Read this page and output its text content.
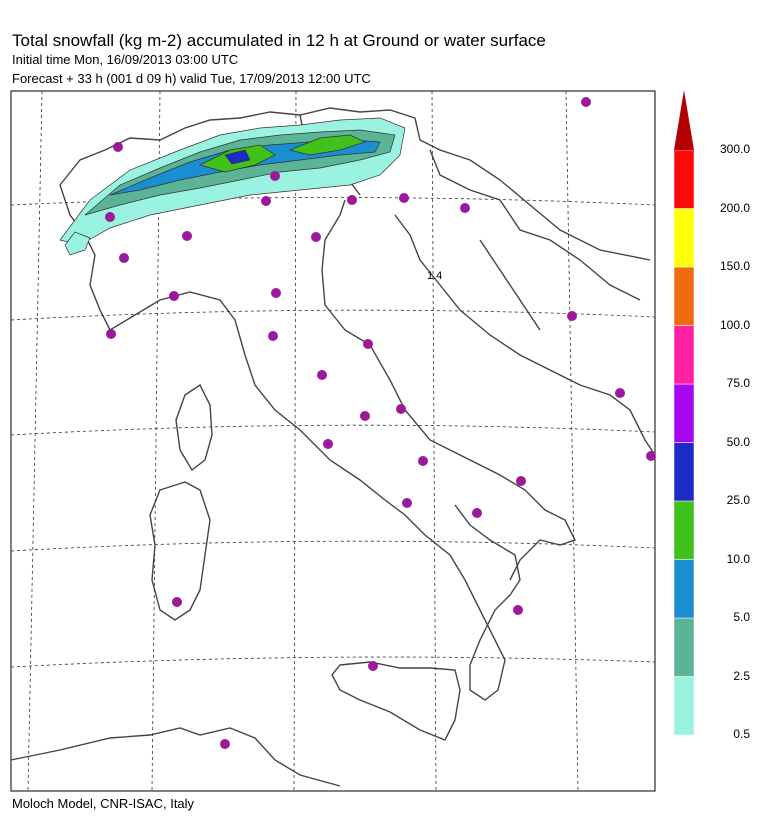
Total snowfall (kg m-2) accumulated in 12 h at Ground or water surface
Initial time Mon, 16/09/2013 03:00 UTC
Forecast + 33 h (001 d 09 h) valid Tue, 17/09/2013 12:00 UTC
1.4
0.5
2.5
5.0
10.0
25.0
50.0
75.0
100.0
150.0
200.0
300.0
Moloch Model, CNR-ISAC, Italy
